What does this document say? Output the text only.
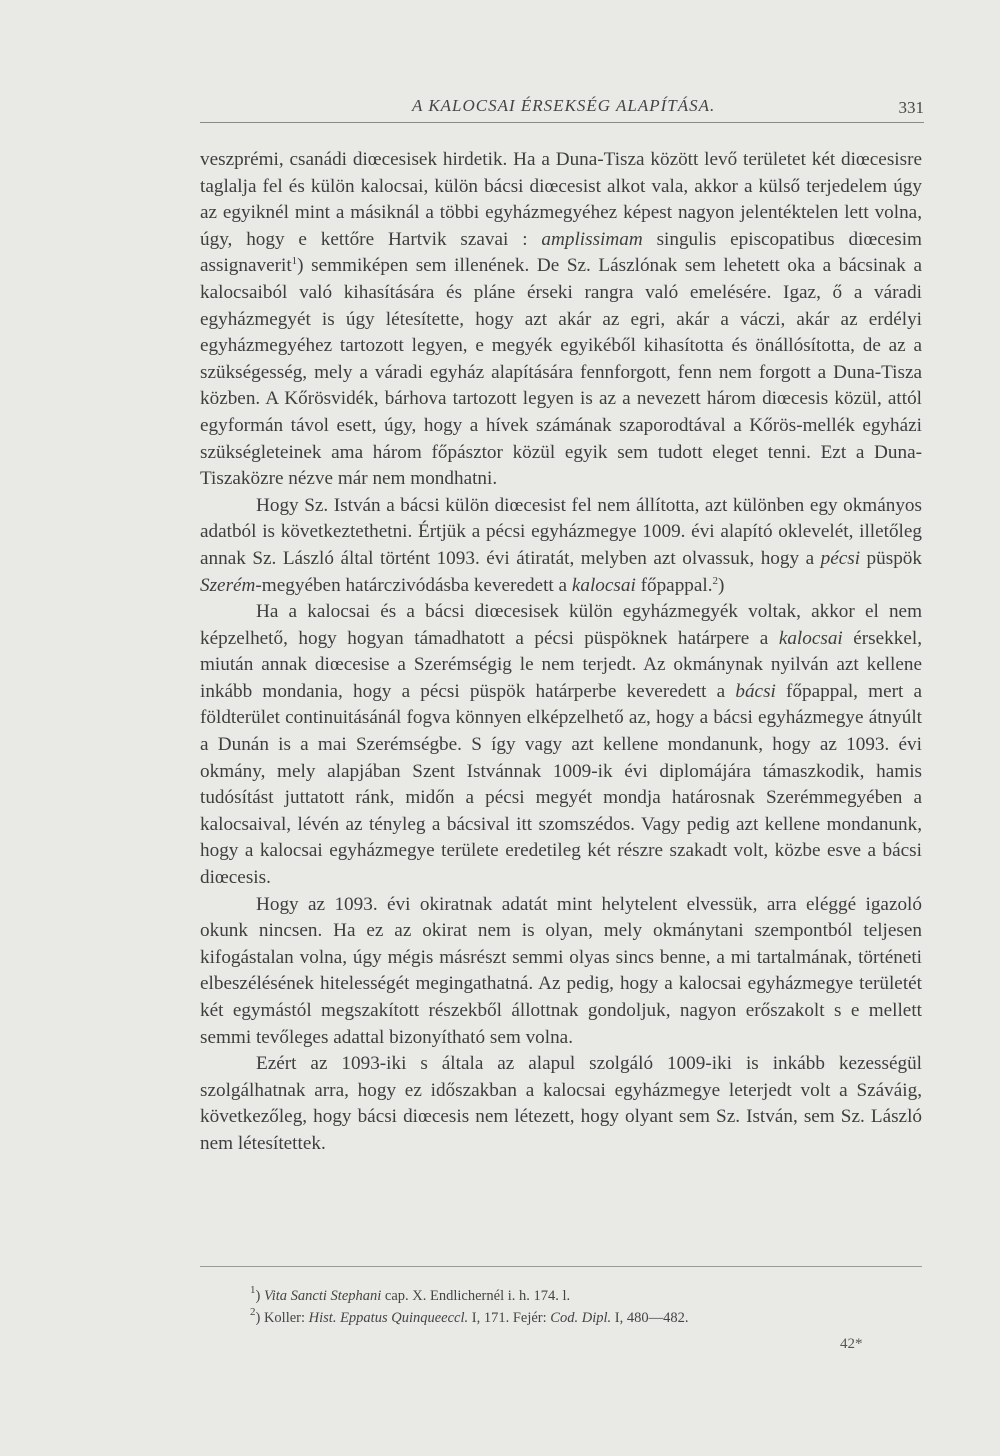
A KALOCSAI ÉRSEKSÉG ALAPÍTÁSA.	331

veszprémi, csanádi diœcesisek hirdetik. Ha a Duna-Tisza között levő területet két diœcesisre taglalja fel és külön kalocsai, külön bácsi diœcesist alkot vala, akkor a külső terjedelem úgy az egyiknél mint a másiknál a többi egyházmegyéhez képest nagyon jelentéktelen lett volna, úgy, hogy e kettőre Hartvik szavai : amplissimam singulis episcopatibus diœcesim assignaverit$^1$) semmiképen sem illenének. De Sz. Lászlónak sem lehetett oka a bácsinak a kalocsaiból való kihasítására és pláne érseki rangra való emelésére. Igaz, ő a váradi egyházmegyét is úgy létesítette, hogy azt akár az egri, akár a váczi, akár az erdélyi egyházmegyéhez tartozott legyen, e megyék egyikéből kihasította és önállósította, de az a szükségesség, mely a váradi egyház alapítására fennforgott, fenn nem forgott a Duna-Tisza közben. A Kőrösvidék, bárhova tartozott legyen is az a nevezett három diœcesis közül, attól egyformán távol esett, úgy, hogy a hívek számának szaporodtával a Kőrös-mellék egyházi szükségleteinek ama három főpásztor közül egyik sem tudott eleget tenni. Ezt a Duna-Tiszaközre nézve már nem mondhatni.

Hogy Sz. István a bácsi külön diœcesist fel nem állította, azt különben egy okmányos adatból is következtethetni. Értjük a pécsi egyházmegye 1009. évi alapító oklevelét, illetőleg annak Sz. László által történt 1093. évi átiratát, melyben azt olvassuk, hogy a pécsi püspök Szerém-megyében határczivódásba keveredett a kalocsai főpappal.$^2$)

Ha a kalocsai és a bácsi diœcesisek külön egyházmegyék voltak, akkor el nem képzelhető, hogy hogyan támadhatott a pécsi püspöknek határpere a kalocsai érsekkel, miután annak diœcesise a Szerémségig le nem terjedt. Az okmánynak nyilván azt kellene inkább mondania, hogy a pécsi püspök határperbe keveredett a bácsi főpappal, mert a földterület continuitásánál fogva könnyen elképzelhető az, hogy a bácsi egyházmegye átnyúlt a Dunán is a mai Szerémségbe. S így vagy azt kellene mondanunk, hogy az 1093. évi okmány, mely alapjában Szent Istvánnak 1009-ik évi diplomájára támaszkodik, hamis tudósítást juttatott ránk, midőn a pécsi megyét mondja határosnak Szerémmegyében a kalocsaival, lévén az tényleg a bácsival itt szomszédos. Vagy pedig azt kellene mondanunk, hogy a kalocsai egyházmegye területe eredetileg két részre szakadt volt, közbe esve a bácsi diœcesis.

Hogy az 1093. évi okiratnak adatát mint helytelent elvessük, arra eléggé igazoló okunk nincsen. Ha ez az okirat nem is olyan, mely okmánytani szempontból teljesen kifogástalan volna, úgy mégis másrészt semmi olyas sincs benne, a mi tartalmának, történeti elbeszélésének hitelességét megingathatná. Az pedig, hogy a kalocsai egyházmegye területét két egymástól megszakított részekből állottnak gondoljuk, nagyon erőszakolt s e mellett semmi tevőleges adattal bizonyítható sem volna.

Ezért az 1093-iki s általa az alapul szolgáló 1009-iki is inkább kezességül szolgálhatnak arra, hogy ez időszakban a kalocsai egyházmegye leterjedt volt a Száváig, következőleg, hogy bácsi diœcesis nem létezett, hogy olyant sem Sz. István, sem Sz. László nem létesítettek.

$^1$) Vita Sancti Stephani cap. X. Endlichernél i. h. 174. l.
$^2$) Koller: Hist. Eppatus Quinqueeccl. I, 171. Fejér: Cod. Dipl. I, 480—482.
42*
